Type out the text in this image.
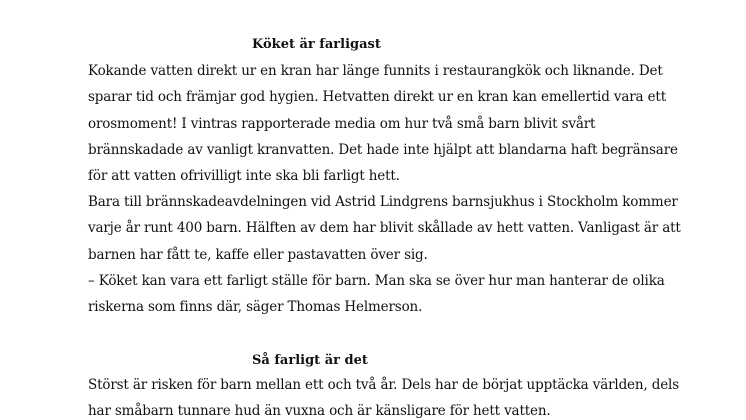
Köket är farligast
Kokande vatten direkt ur en kran har länge funnits i restaurangkök och liknande. Det
sparar tid och främjar god hygien. Hetvatten direkt ur en kran kan emellertid vara ett
orosmoment! I vintras rapporterade media om hur två små barn blivit svårt
brännskadade av vanligt kranvatten. Det hade inte hjälpt att blandarna haft begränsare
för att vatten ofrivilligt inte ska bli farligt hett.
Bara till brännskadeavdelningen vid Astrid Lindgrens barnsjukhus i Stockholm kommer
varje år runt 400 barn. Hälften av dem har blivit skållade av hett vatten. Vanligast är att
barnen har fått te, kaffe eller pastavatten över sig.
– Köket kan vara ett farligt ställe för barn. Man ska se över hur man hanterar de olika
riskerna som finns där, säger Thomas Helmerson.
Så farligt är det
Störst är risken för barn mellan ett och två år. Dels har de börjat upptäcka världen, dels
har småbarn tunnare hud än vuxna och är känsligare för hett vatten.
